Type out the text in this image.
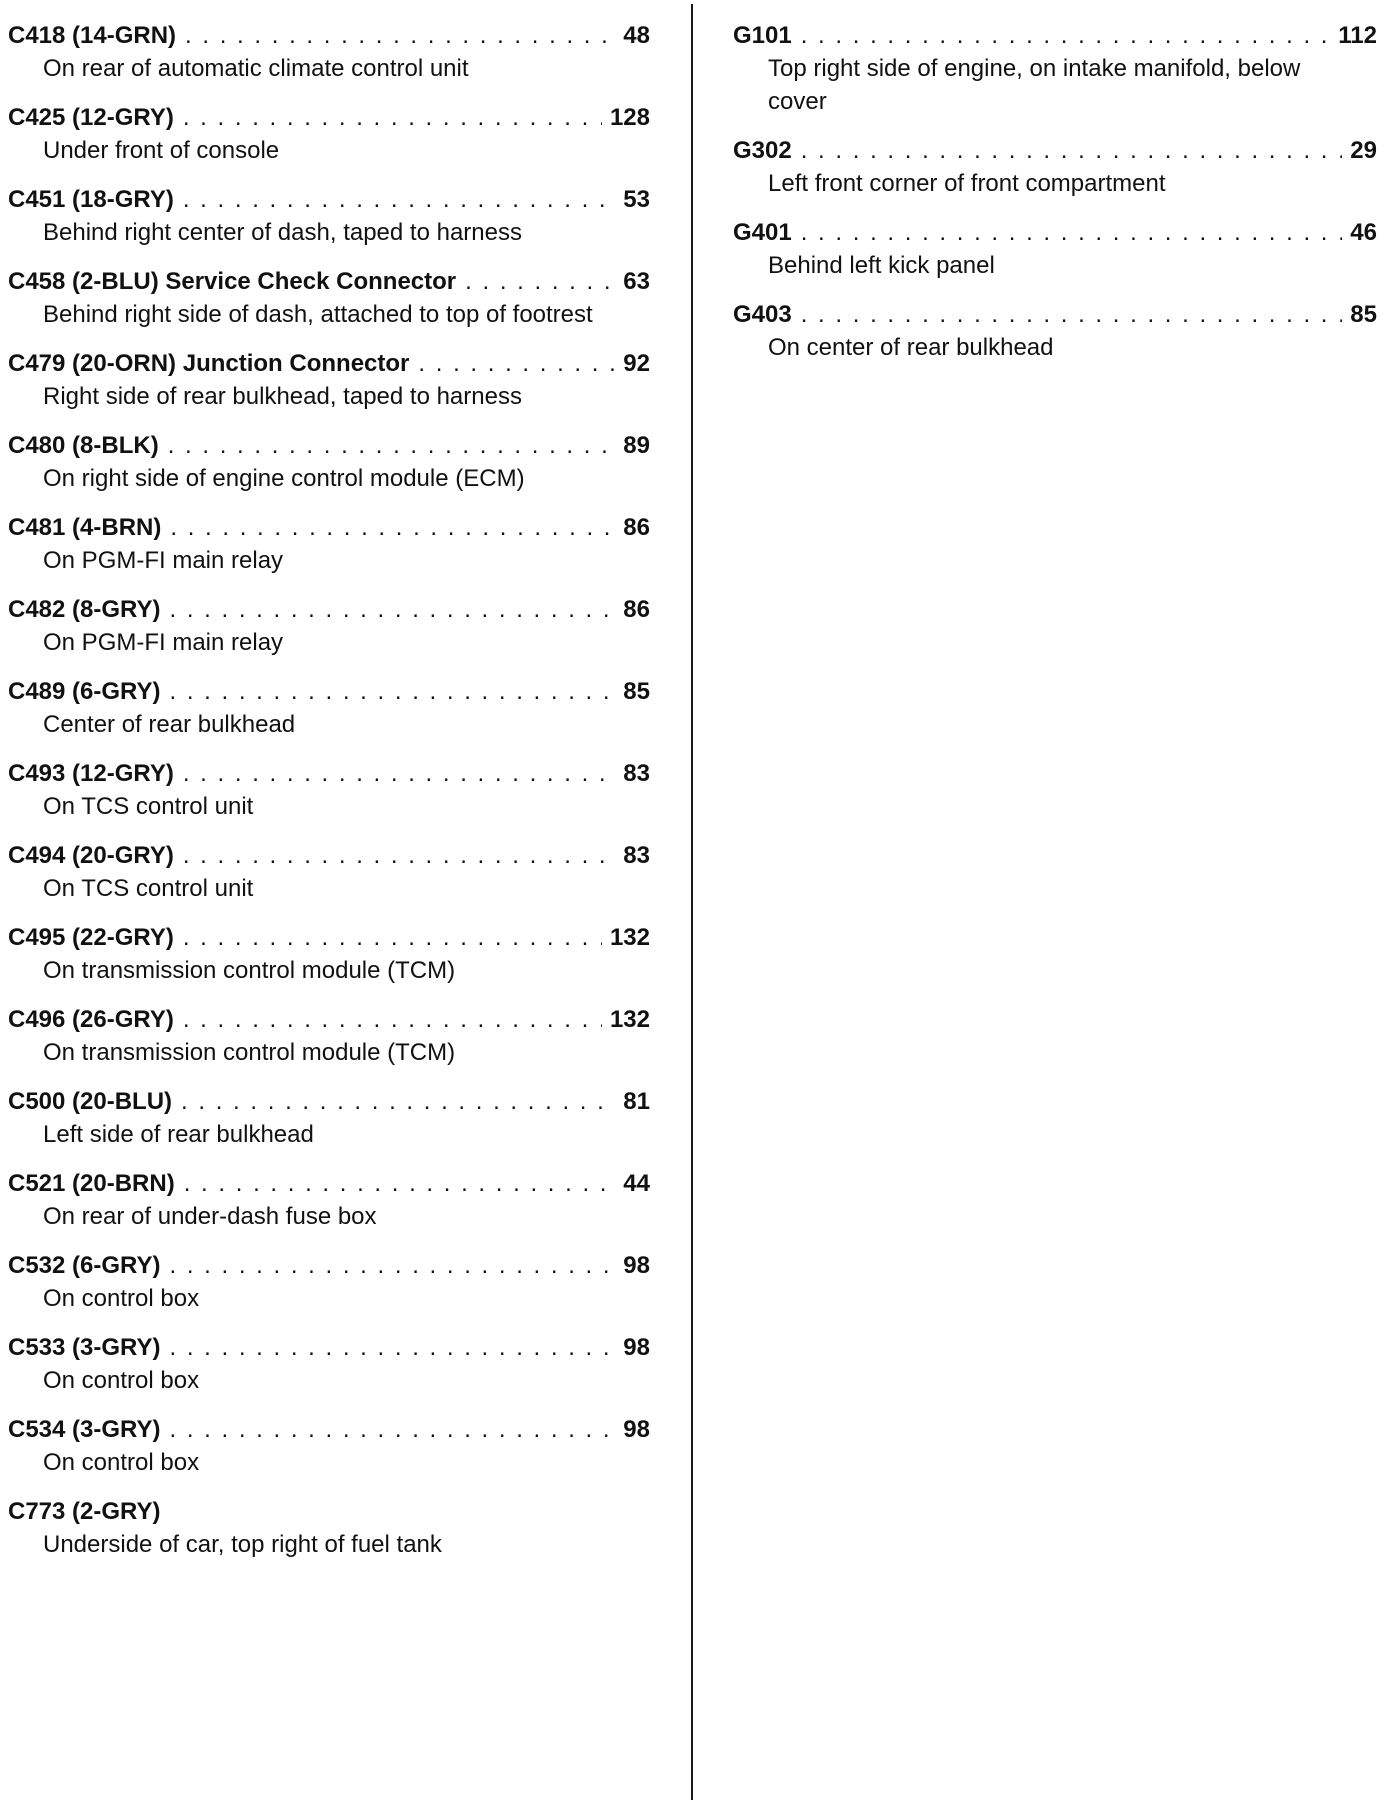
C418 (14-GRN) . . .	48
On rear of automatic climate control unit
C425 (12-GRY) . . .	128
Under front of console
C451 (18-GRY) . . .	53
Behind right center of dash, taped to harness
C458 (2-BLU) Service Check Connector . . .	63
Behind right side of dash, attached to top of footrest
C479 (20-ORN) Junction Connector . . .	92
Right side of rear bulkhead, taped to harness
C480 (8-BLK) . . .	89
On right side of engine control module (ECM)
C481 (4-BRN) . . .	86
On PGM-FI main relay
C482 (8-GRY) . . .	86
On PGM-FI main relay
C489 (6-GRY) . . .	85
Center of rear bulkhead
C493 (12-GRY) . . .	83
On TCS control unit
C494 (20-GRY) . . .	83
On TCS control unit
C495 (22-GRY) . . .	132
On transmission control module (TCM)
C496 (26-GRY) . . .	132
On transmission control module (TCM)
C500 (20-BLU) . . .	81
Left side of rear bulkhead
C521 (20-BRN) . . .	44
On rear of under-dash fuse box
C532 (6-GRY) . . .	98
On control box
C533 (3-GRY) . . .	98
On control box
C534 (3-GRY) . . .	98
On control box
C773 (2-GRY)
Underside of car, top right of fuel tank
G101 . . .	112
Top right side of engine, on intake manifold, below cover
G302 . . .	29
Left front corner of front compartment
G401 . . .	46
Behind left kick panel
G403 . . .	85
On center of rear bulkhead
